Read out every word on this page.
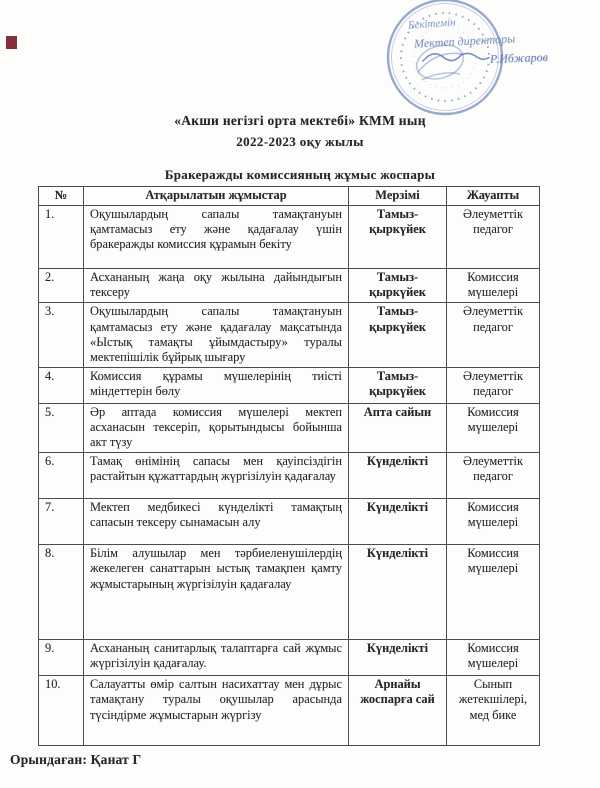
Бекітемін
Мектеп директоры
Р.Ибжаров
«Акши негізгі орта мектебі» КММ ның
2022-2023 оқу жылы
Бракеражды комиссияның жұмыс жоспары
№	Атқарылатын жұмыстар	Мерзімі	Жауапты
1.	Оқушылардың сапалы тамақтануын қамтамасыз ету және қадағалау үшін бракеражды комиссия құрамын бекіту	Тамыз-қыркүйек	Әлеуметтік педагог
2.	Асхананың жаңа оқу жылына дайындығын тексеру	Тамыз-қыркүйек	Комиссия мүшелері
3.	Оқушылардың сапалы тамақтануын қамтамасыз ету және қадағалау мақсатында «Ыстық тамақты ұйымдастыру» туралы мектепішілік бұйрық шығару	Тамыз-қыркүйек	Әлеуметтік педагог
4.	Комиссия құрамы мүшелерінің тиісті міндеттерін бөлу	Тамыз-қыркүйек	Әлеуметтік педагог
5.	Әр аптада комиссия мүшелері мектеп асханасын тексеріп, қорытындысы бойынша акт түзу	Апта сайын	Комиссия мүшелері
6.	Тамақ өнімінің сапасы мен қауіпсіздігін растайтын құжаттардың жүргізілуін қадағалау	Күнделікті	Әлеуметтік педагог
7.	Мектеп медбикесі күнделікті тамақтың сапасын тексеру сынамасын алу	Күнделікті	Комиссия мүшелері
8.	Білім алушылар мен тәрбиеленушілердің жекелеген санаттарын ыстық тамақпен қамту жұмыстарының жүргізілуін қадағалау	Күнделікті	Комиссия мүшелері
9.	Асхананың санитарлық талаптарға сай жұмыс жүргізілуін қадағалау.	Күнделікті	Комиссия мүшелері
10.	Салауатты өмір салтын насихаттау мен дұрыс тамақтану туралы оқушылар арасында түсіндірме жұмыстарын жүргізу	Арнайы жоспарға сай	Сынып жетекшілері, мед бике
Орындаған: Қанат Г
